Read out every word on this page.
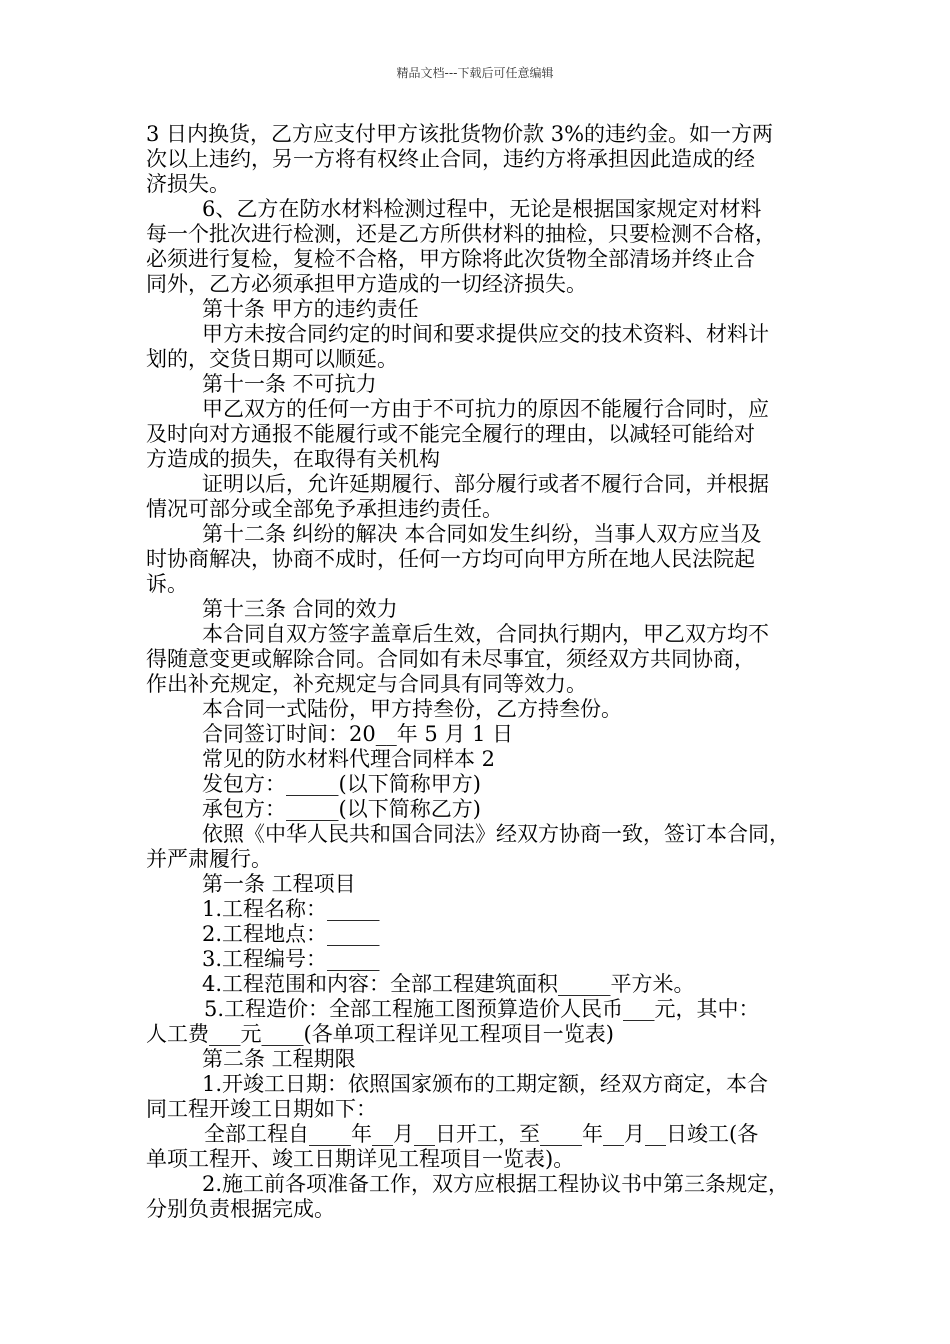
精品文档---下载后可任意编辑
3 日内换货，乙方应支付甲方该批货物价款 3%的违约金。如一方两
次以上违约，另一方将有权终止合同，违约方将承担因此造成的经
济损失。
6、乙方在防水材料检测过程中，无论是根据国家规定对材料
每一个批次进行检测，还是乙方所供材料的抽检，只要检测不合格，
必须进行复检，复检不合格，甲方除将此次货物全部清场并终止合
同外，乙方必须承担甲方造成的一切经济损失。
第十条 甲方的违约责任
甲方未按合同约定的时间和要求提供应交的技术资料、材料计
划的，交货日期可以顺延。
第十一条 不可抗力
甲乙双方的任何一方由于不可抗力的原因不能履行合同时，应
及时向对方通报不能履行或不能完全履行的理由，以减轻可能给对
方造成的损失，在取得有关机构
证明以后，允许延期履行、部分履行或者不履行合同，并根据
情况可部分或全部免予承担违约责任。
第十二条 纠纷的解决 本合同如发生纠纷，当事人双方应当及
时协商解决，协商不成时，任何一方均可向甲方所在地人民法院起
诉。
第十三条 合同的效力
本合同自双方签字盖章后生效，合同执行期内，甲乙双方均不
得随意变更或解除合同。合同如有未尽事宜，须经双方共同协商，
作出补充规定，补充规定与合同具有同等效力。
本合同一式陆份，甲方持叁份，乙方持叁份。
合同签订时间：20__年 5 月 1 日
常见的防水材料代理合同样本 2
发包方：_____(以下简称甲方)
承包方：_____(以下简称乙方)
依照《中华人民共和国合同法》经双方协商一致，签订本合同，
并严肃履行。
第一条 工程项目
1.工程名称：_____
2.工程地点：_____
3.工程编号：_____
4.工程范围和内容：全部工程建筑面积_____平方米。
5.工程造价：全部工程施工图预算造价人民币___元，其中：
人工费___元____(各单项工程详见工程项目一览表)
第二条 工程期限
1.开竣工日期：依照国家颁布的工期定额，经双方商定，本合
同工程开竣工日期如下：
全部工程自____年__月__日开工，至____年__月__日竣工(各
单项工程开、竣工日期详见工程项目一览表)。
2.施工前各项准备工作，双方应根据工程协议书中第三条规定，
分别负责根据完成。
